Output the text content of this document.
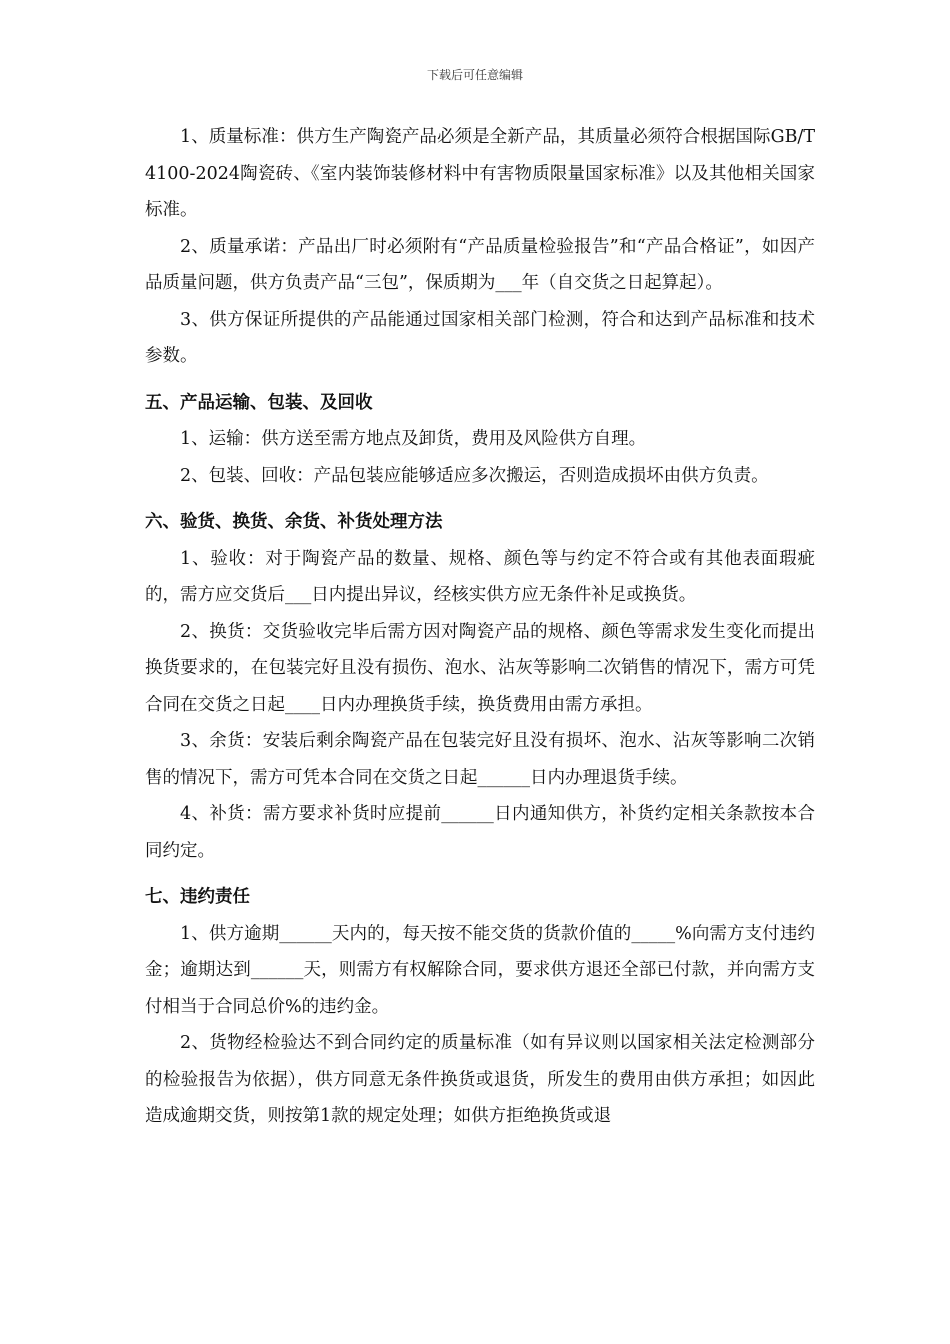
下载后可任意编辑

1、质量标准：供方生产陶瓷产品必须是全新产品，其质量必须符合根据国际GB/T4100-2024陶瓷砖、《室内装饰装修材料中有害物质限量国家标准》以及其他相关国家标准。

2、质量承诺：产品出厂时必须附有“产品质量检验报告”和“产品合格证”，如因产品质量问题，供方负责产品“三包”，保质期为___年（自交货之日起算起）。

3、供方保证所提供的产品能通过国家相关部门检测，符合和达到产品标准和技术参数。

五、产品运输、包装、及回收

1、运输：供方送至需方地点及卸货，费用及风险供方自理。

2、包装、回收：产品包装应能够适应多次搬运，否则造成损坏由供方负责。

六、验货、换货、余货、补货处理方法

1、验收：对于陶瓷产品的数量、规格、颜色等与约定不符合或有其他表面瑕疵的，需方应交货后___日内提出异议，经核实供方应无条件补足或换货。

2、换货：交货验收完毕后需方因对陶瓷产品的规格、颜色等需求发生变化而提出换货要求的，在包装完好且没有损伤、泡水、沾灰等影响二次销售的情况下，需方可凭合同在交货之日起____日内办理换货手续，换货费用由需方承担。

3、余货：安装后剩余陶瓷产品在包装完好且没有损坏、泡水、沾灰等影响二次销售的情况下，需方可凭本合同在交货之日起______日内办理退货手续。

4、补货：需方要求补货时应提前______日内通知供方，补货约定相关条款按本合同约定。

七、违约责任

1、供方逾期______天内的，每天按不能交货的货款价值的_____%向需方支付违约金；逾期达到______天，则需方有权解除合同，要求供方退还全部已付款，并向需方支付相当于合同总价%的违约金。

2、货物经检验达不到合同约定的质量标准（如有异议则以国家相关法定检测部分的检验报告为依据），供方同意无条件换货或退货，所发生的费用由供方承担；如因此造成逾期交货，则按第1款的规定处理；如供方拒绝换货或退
